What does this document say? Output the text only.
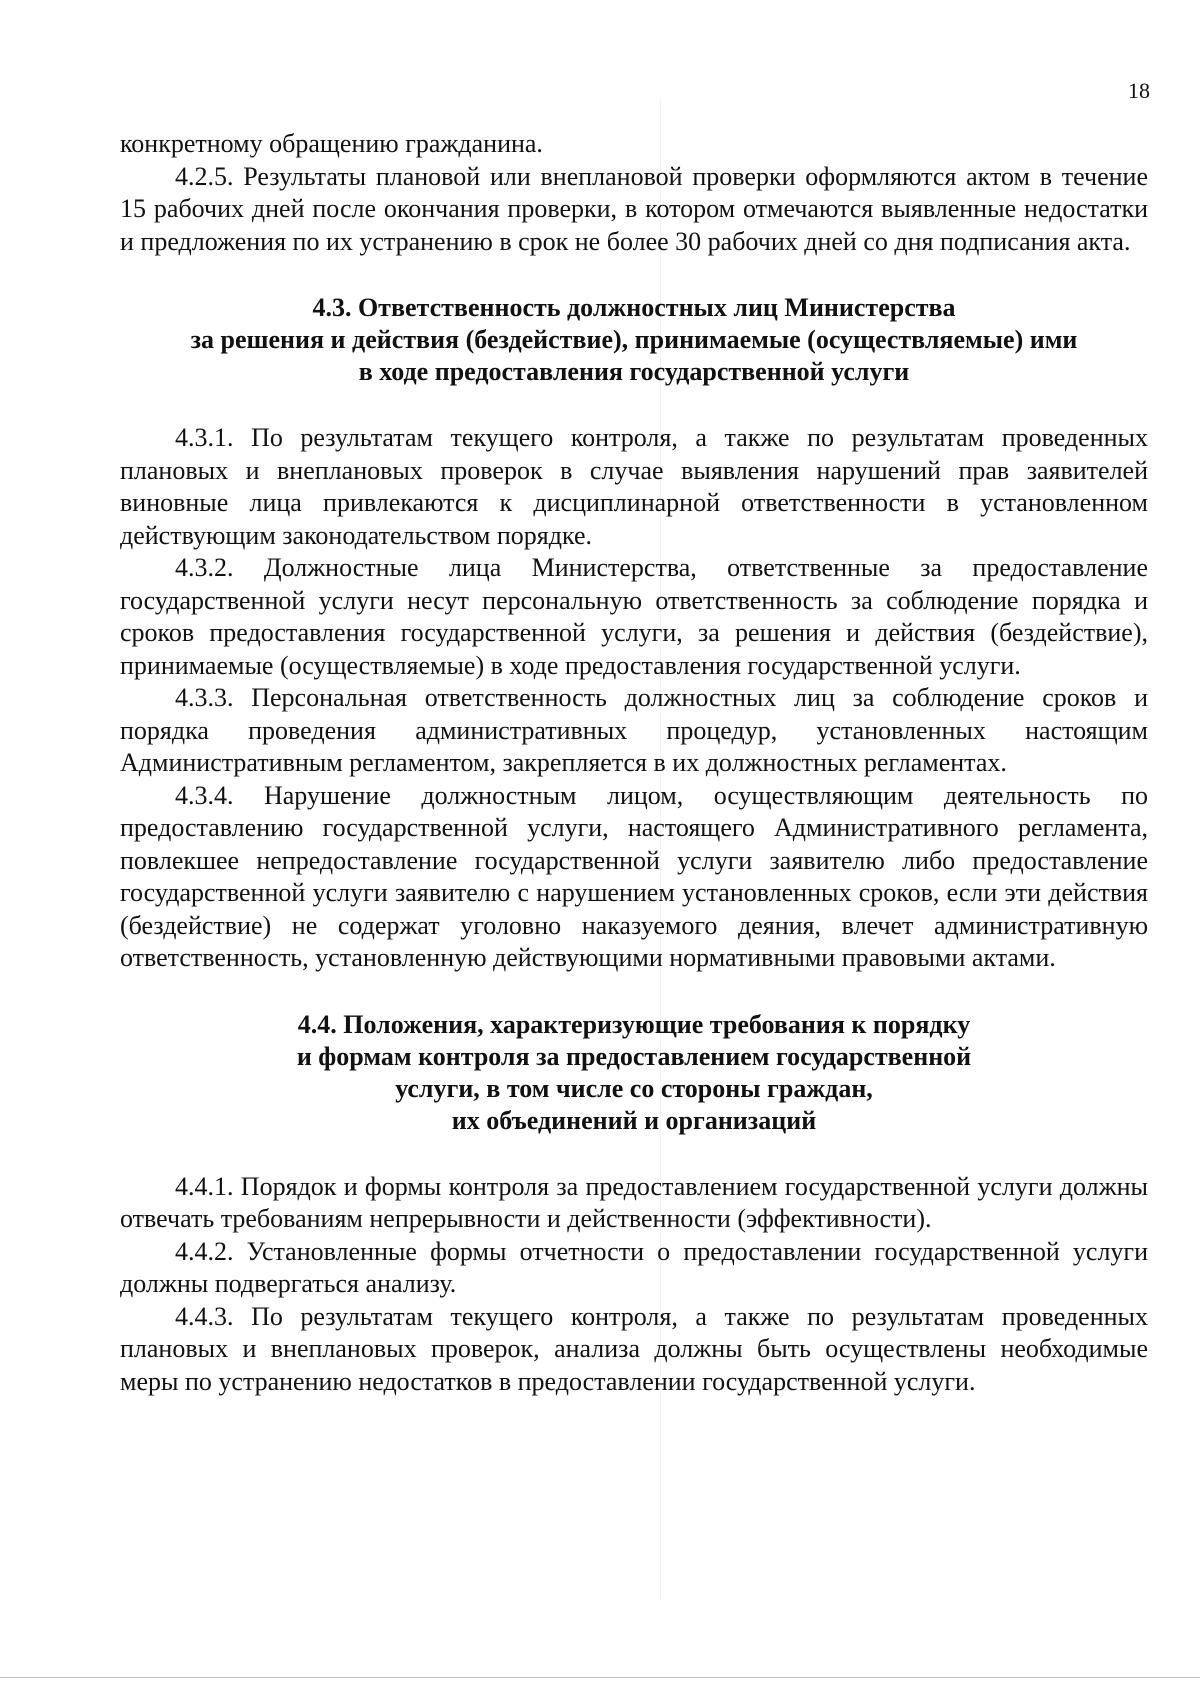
18

конкретному обращению гражданина.

4.2.5. Результаты плановой или внеплановой проверки оформляются актом в течение 15 рабочих дней после окончания проверки, в котором отмечаются выявленные недостатки и предложения по их устранению в срок не более 30 рабочих дней со дня подписания акта.

4.3. Ответственность должностных лиц Министерства
за решения и действия (бездействие), принимаемые (осуществляемые) ими
в ходе предоставления государственной услуги

4.3.1. По результатам текущего контроля, а также по результатам проведенных плановых и внеплановых проверок в случае выявления нарушений прав заявителей виновные лица привлекаются к дисциплинарной ответственности в установленном действующим законодательством порядке.

4.3.2. Должностные лица Министерства, ответственные за предоставление государственной услуги несут персональную ответственность за соблюдение порядка и сроков предоставления государственной услуги, за решения и действия (бездействие), принимаемые (осуществляемые) в ходе предоставления государственной услуги.

4.3.3. Персональная ответственность должностных лиц за соблюдение сроков и порядка проведения административных процедур, установленных настоящим Административным регламентом, закрепляется в их должностных регламентах.

4.3.4. Нарушение должностным лицом, осуществляющим деятельность по предоставлению государственной услуги, настоящего Административного регламента, повлекшее непредоставление государственной услуги заявителю либо предоставление государственной услуги заявителю с нарушением установленных сроков, если эти действия (бездействие) не содержат уголовно наказуемого деяния, влечет административную ответственность, установленную действующими нормативными правовыми актами.

4.4. Положения, характеризующие требования к порядку
и формам контроля за предоставлением государственной
услуги, в том числе со стороны граждан,
их объединений и организаций

4.4.1. Порядок и формы контроля за предоставлением государственной услуги должны отвечать требованиям непрерывности и действенности (эффективности).

4.4.2. Установленные формы отчетности о предоставлении государственной услуги должны подвергаться анализу.

4.4.3. По результатам текущего контроля, а также по результатам проведенных плановых и внеплановых проверок, анализа должны быть осуществлены необходимые меры по устранению недостатков в предоставлении государственной услуги.
